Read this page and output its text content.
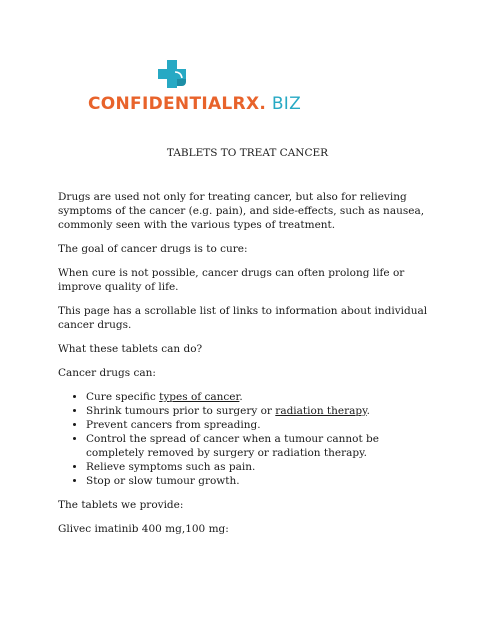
CONFIDENTIALRX. BIZ
TABLETS TO TREAT CANCER

Drugs are used not only for treating cancer, but also for relieving symptoms of the cancer (e.g. pain), and side-effects, such as nausea, commonly seen with the various types of treatment.

The goal of cancer drugs is to cure:

When cure is not possible, cancer drugs can often prolong life or improve quality of life.

This page has a scrollable list of links to information about individual cancer drugs.

What these tablets can do?

Cancer drugs can:

• Cure specific types of cancer.
• Shrink tumours prior to surgery or radiation therapy.
• Prevent cancers from spreading.
• Control the spread of cancer when a tumour cannot be completely removed by surgery or radiation therapy.
• Relieve symptoms such as pain.
• Stop or slow tumour growth.

The tablets we provide:

Glivec imatinib 400 mg,100 mg:
